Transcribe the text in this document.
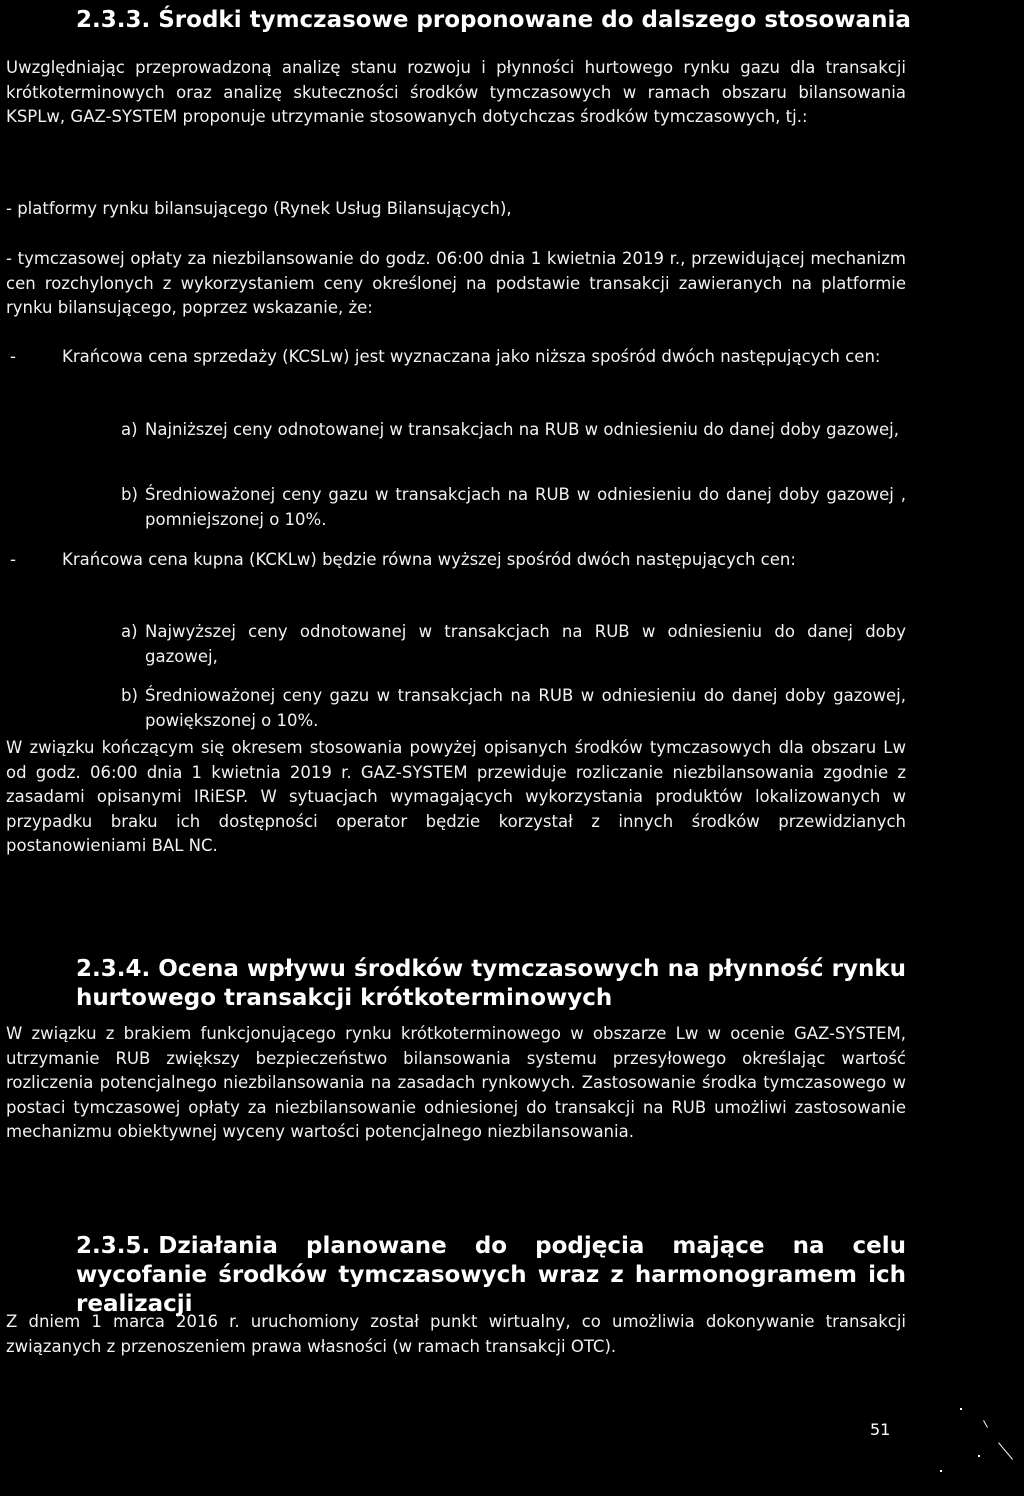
2.3.3. Środki tymczasowe proponowane do dalszego stosowania

Uwzględniając przeprowadzoną analizę stanu rozwoju i płynności hurtowego rynku gazu dla transakcji krótkoterminowych oraz analizę skuteczności środków tymczasowych w ramach obszaru bilansowania KSPLw, GAZ-SYSTEM proponuje utrzymanie stosowanych dotychczas środków tymczasowych, tj.:

- platformy rynku bilansującego (Rynek Usług Bilansujących),

- tymczasowej opłaty za niezbilansowanie do godz. 06:00 dnia 1 kwietnia 2019 r., przewidującej mechanizm cen rozchylonych z wykorzystaniem ceny określonej na podstawie transakcji zawieranych na platformie rynku bilansującego, poprzez wskazanie, że:

-	Krańcowa cena sprzedaży (KCSLw) jest wyznaczana jako niższa spośród dwóch następujących cen:
a) Najniższej ceny odnotowanej w transakcjach na RUB w odniesieniu do danej doby gazowej,
b) Średnioważonej ceny gazu w transakcjach na RUB w odniesieniu do danej doby gazowej , pomniejszonej o 10%.
-	Krańcowa cena kupna (KCKLw) będzie równa wyższej spośród dwóch następujących cen:
a) Najwyższej ceny odnotowanej w transakcjach na RUB w odniesieniu do danej doby gazowej,
b) Średnioważonej ceny gazu w transakcjach na RUB w odniesieniu do danej doby gazowej, powiększonej o 10%.

W związku kończącym się okresem stosowania powyżej opisanych środków tymczasowych dla obszaru Lw od godz. 06:00 dnia 1 kwietnia 2019 r. GAZ-SYSTEM przewiduje rozliczanie niezbilansowania zgodnie z zasadami opisanymi IRiESP. W sytuacjach wymagających wykorzystania produktów lokalizowanych w przypadku braku ich dostępności operator będzie korzystał z innych środków przewidzianych postanowieniami BAL NC.

2.3.4. Ocena wpływu środków tymczasowych na płynność rynku hurtowego transakcji krótkoterminowych

W związku z brakiem funkcjonującego rynku krótkoterminowego w obszarze Lw w ocenie GAZ-SYSTEM, utrzymanie RUB zwiększy bezpieczeństwo bilansowania systemu przesyłowego określając wartość rozliczenia potencjalnego niezbilansowania na zasadach rynkowych. Zastosowanie środka tymczasowego w postaci tymczasowej opłaty za niezbilansowanie odniesionej do transakcji na RUB umożliwi zastosowanie mechanizmu obiektywnej wyceny wartości potencjalnego niezbilansowania.

2.3.5. Działania planowane do podjęcia mające na celu wycofanie środków tymczasowych wraz z harmonogramem ich realizacji

Z dniem 1 marca 2016 r. uruchomiony został punkt wirtualny, co umożliwia dokonywanie transakcji związanych z przenoszeniem prawa własności (w ramach transakcji OTC).

51
